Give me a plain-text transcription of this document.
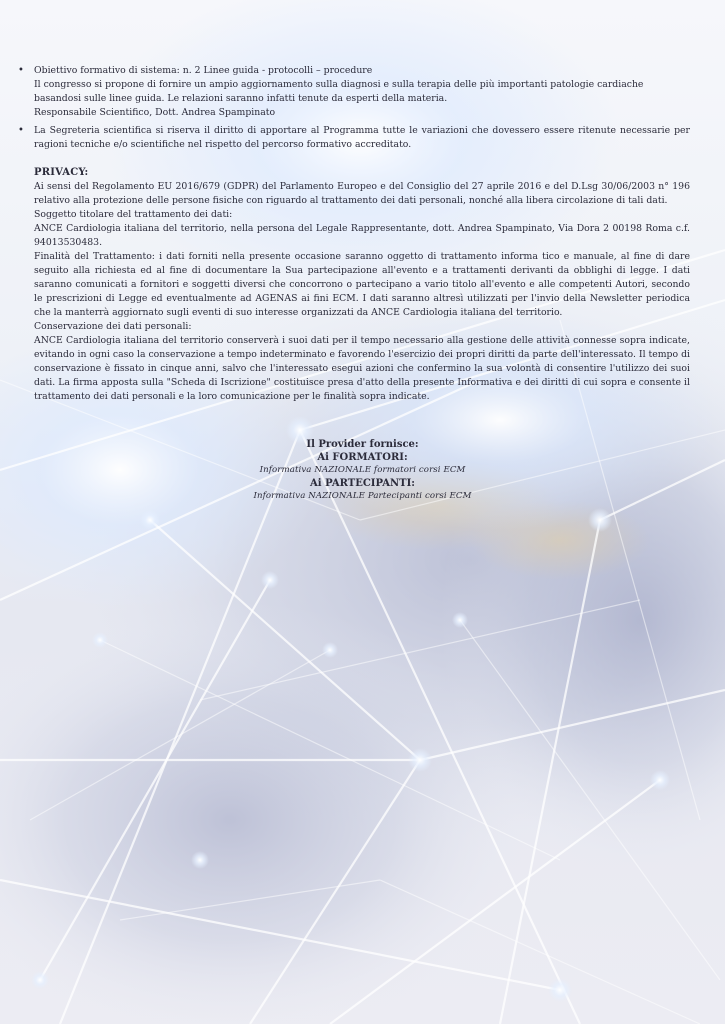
• Obiettivo formativo di sistema: n. 2 Linee guida - protocolli – procedure

Il congresso si propone di fornire un ampio aggiornamento sulla diagnosi e sulla terapia delle più importanti patologie cardiache basandosi sulle linee guida. Le relazioni saranno infatti tenute da esperti della materia.

Responsabile Scientifico, Dott. Andrea Spampinato

• La Segreteria scientifica si riserva il diritto di apportare al Programma tutte le variazioni che dovessero essere ritenute necessarie per ragioni tecniche e/o scientifiche nel rispetto del percorso formativo accreditato.

PRIVACY:

Ai sensi del Regolamento EU 2016/679 (GDPR) del Parlamento Europeo e del Consiglio del 27 aprile 2016 e del D.Lsg 30/06/2003 n° 196 relativo alla protezione delle persone fisiche con riguardo al trattamento dei dati personali, nonché alla libera circolazione di tali dati.

Soggetto titolare del trattamento dei dati:

ANCE Cardiologia italiana del territorio, nella persona del Legale Rappresentante, dott. Andrea Spampinato, Via Dora 2 00198 Roma c.f. 94013530483.

Finalità del Trattamento: i dati forniti nella presente occasione saranno oggetto di trattamento informa tico e manuale, al fine di dare seguito alla richiesta ed al fine di documentare la Sua partecipazione all'evento e a trattamenti derivanti da obblighi di legge. I dati saranno comunicati a fornitori e soggetti diversi che concorrono o partecipano a vario titolo all'evento e alle competenti Autori, secondo le prescrizioni di Legge ed eventualmente ad AGENAS ai fini ECM. I dati saranno altresì utilizzati per l'invio della Newsletter periodica che la manterrà aggiornato sugli eventi di suo interesse organizzati da ANCE Cardiologia italiana del territorio.

Conservazione dei dati personali:

ANCE Cardiologia italiana del territorio conserverà i suoi dati per il tempo necessario alla gestione delle attività connesse sopra indicate, evitando in ogni caso la conservazione a tempo indeterminato e favorendo l'esercizio dei propri diritti da parte dell'interessato. Il tempo di conservazione è fissato in cinque anni, salvo che l'interessato esegui azioni che confermino la sua volontà di consentire l'utilizzo dei suoi dati. La firma apposta sulla "Scheda di Iscrizione" costituisce presa d'atto della presente Informativa e dei diritti di cui sopra e consente il trattamento dei dati personali e la loro comunicazione per le finalità sopra indicate.

Il Provider fornisce:

Ai FORMATORI:

Informativa NAZIONALE formatori corsi ECM

Ai PARTECIPANTI:

Informativa NAZIONALE Partecipanti corsi ECM
